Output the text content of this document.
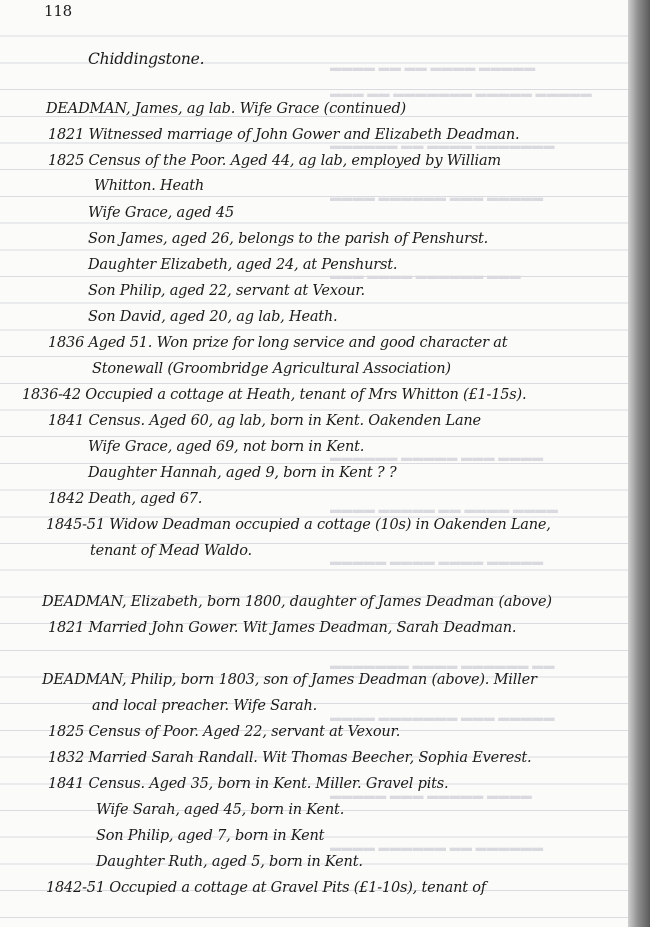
▬▬▬▬ ▬▬ ▬▬ ▬▬▬▬ ▬▬▬▬▬
▬▬▬ ▬▬ ▬▬▬▬▬▬▬ ▬▬▬▬▬ ▬▬▬▬▬
▬▬▬▬▬▬ ▬▬ ▬▬▬▬ ▬▬▬▬▬▬▬
▬▬▬▬ ▬▬▬▬▬▬ ▬▬▬ ▬▬▬▬▬
▬▬▬ ▬▬▬▬ ▬▬▬▬▬▬ ▬▬▬
▬▬▬▬▬▬ ▬▬▬▬▬ ▬▬▬ ▬▬▬▬
▬▬▬▬ ▬▬▬▬▬ ▬▬ ▬▬▬▬ ▬▬▬▬
▬▬▬▬▬ ▬▬▬▬ ▬▬▬▬ ▬▬▬▬▬
▬▬▬▬▬▬▬ ▬▬▬▬ ▬▬▬▬▬▬ ▬▬
▬▬▬▬ ▬▬▬▬▬▬▬ ▬▬▬ ▬▬▬▬▬
▬▬▬▬▬ ▬▬▬ ▬▬▬▬▬ ▬▬▬▬
▬▬▬▬ ▬▬▬▬▬▬ ▬▬ ▬▬▬▬▬▬
118
Chiddingstone.
DEADMAN, James, ag lab. Wife Grace (continued)
1821 Witnessed marriage of John Gower and Elizabeth Deadman.
1825 Census of the Poor. Aged 44, ag lab, employed by William
Whitton. Heath
Wife Grace, aged 45
Son James, aged 26, belongs to the parish of Penshurst.
Daughter Elizabeth, aged 24, at Penshurst.
Son Philip, aged 22, servant at Vexour.
Son David, aged 20, ag lab, Heath.
1836 Aged 51. Won prize for long service and good character at
Stonewall (Groombridge Agricultural Association)
1836-42 Occupied a cottage at Heath, tenant of Mrs Whitton (£1-15s).
1841 Census. Aged 60, ag lab, born in Kent. Oakenden Lane
Wife Grace, aged 69, not born in Kent.
Daughter Hannah, aged 9, born in Kent ? ?
1842 Death, aged 67.
1845-51 Widow Deadman occupied a cottage (10s) in Oakenden Lane,
tenant of Mead Waldo.
DEADMAN, Elizabeth, born 1800, daughter of James Deadman (above)
1821 Married John Gower. Wit James Deadman, Sarah Deadman.
DEADMAN, Philip, born 1803, son of James Deadman (above). Miller
and local preacher. Wife Sarah.
1825 Census of Poor. Aged 22, servant at Vexour.
1832 Married Sarah Randall. Wit Thomas Beecher, Sophia Everest.
1841 Census. Aged 35, born in Kent. Miller. Gravel pits.
Wife Sarah, aged 45, born in Kent.
Son Philip, aged 7, born in Kent
Daughter Ruth, aged 5, born in Kent.
1842-51 Occupied a cottage at Gravel Pits (£1-10s), tenant of
